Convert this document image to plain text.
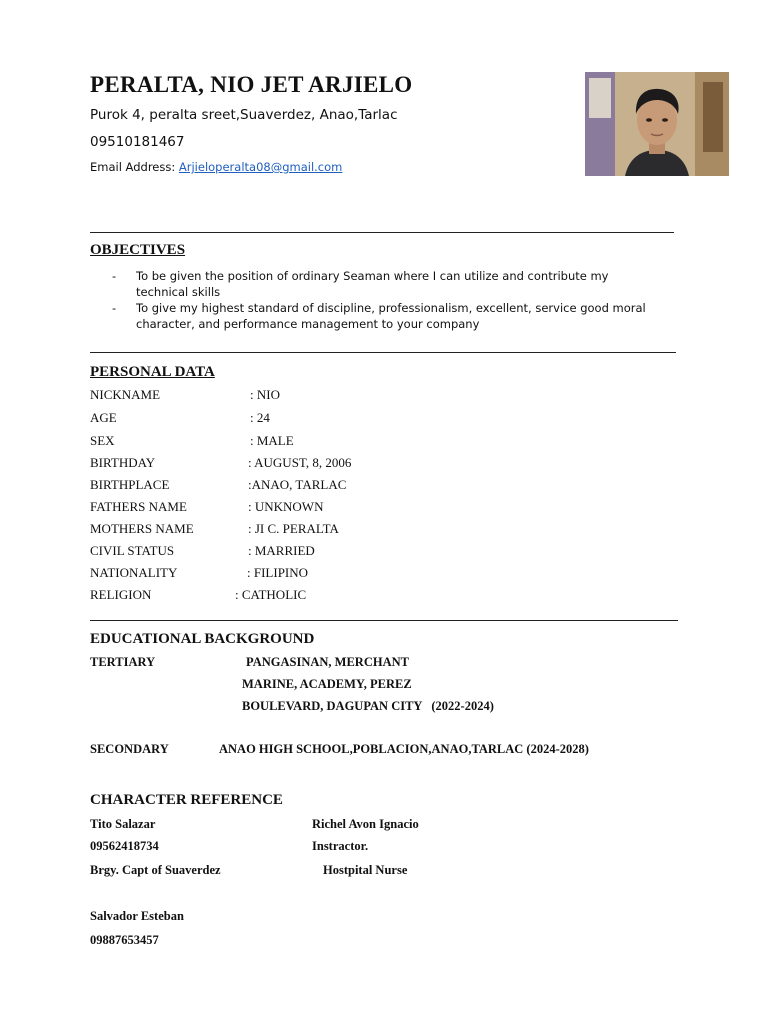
PERALTA, NIO JET ARJIELO
Purok 4, peralta sreet,Suaverdez, Anao,Tarlac
09510181467
Email Address: Arjieloperalta08@gmail.com
OBJECTIVES
-	To be given the position of ordinary Seaman where I can utilize and contribute my technical skills
-	To give my highest standard of discipline, professionalism, excellent, service good moral character, and performance management to your company
PERSONAL DATA
NICKNAME	: NIO
AGE	: 24
SEX	: MALE
BIRTHDAY	: AUGUST, 8, 2006
BIRTHPLACE	:ANAO, TARLAC
FATHERS NAME	: UNKNOWN
MOTHERS NAME	: JI C. PERALTA
CIVIL STATUS	: MARRIED
NATIONALITY	: FILIPINO
RELIGION	: CATHOLIC
EDUCATIONAL BACKGROUND
TERTIARY	PANGASINAN, MERCHANT
MARINE, ACADEMY, PEREZ
BOULEVARD, DAGUPAN CITY   (2022-2024)
SECONDARY	ANAO HIGH SCHOOL,POBLACION,ANAO,TARLAC (2024-2028)
CHARACTER REFERENCE
Tito Salazar
09562418734
Brgy. Capt of Suaverdez
Richel Avon Ignacio
Instractor.
Hostpital Nurse
Salvador Esteban
09887653457
